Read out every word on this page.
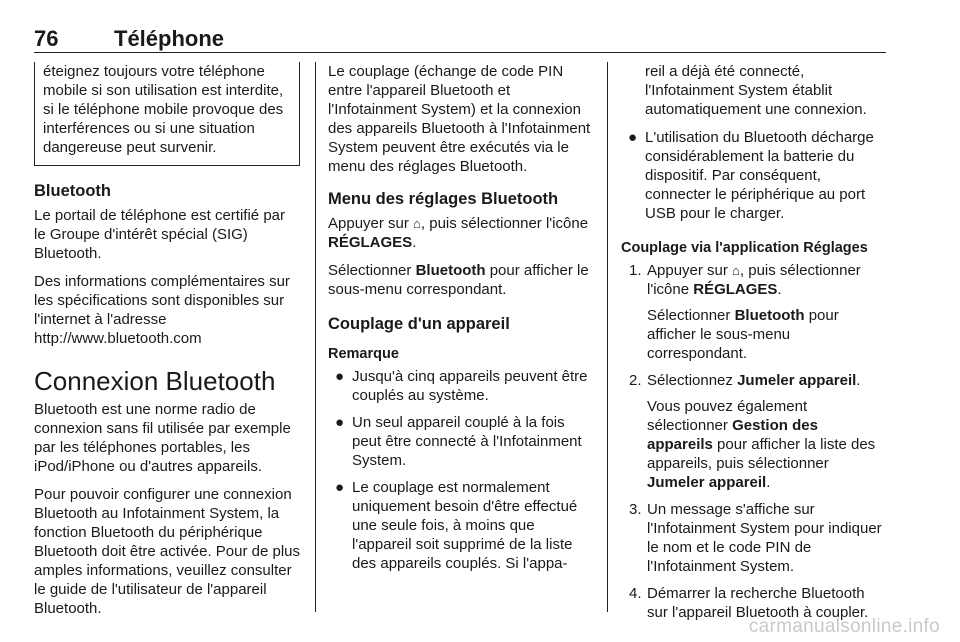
76	Téléphone

éteignez toujours votre téléphone mobile si son utilisation est interdite, si le téléphone mobile provoque des interférences ou si une situation dangereuse peut survenir.

Bluetooth

Le portail de téléphone est certifié par le Groupe d'intérêt spécial (SIG) Bluetooth.

Des informations complémentaires sur les spécifications sont disponibles sur l'internet à l'adresse

http://www.bluetooth.com

Connexion Bluetooth

Bluetooth est une norme radio de connexion sans fil utilisée par exemple par les téléphones portables, les iPod/iPhone ou d'autres appareils.

Pour pouvoir configurer une connexion Bluetooth au Infotainment System, la fonction Bluetooth du périphérique Bluetooth doit être activée. Pour de plus amples informations, veuillez consulter le guide de l'utilisateur de l'appareil Bluetooth.

Le couplage (échange de code PIN entre l'appareil Bluetooth et l'Infotainment System) et la connexion des appareils Bluetooth à l'Infotainment System peuvent être exécutés via le menu des réglages Bluetooth.

Menu des réglages Bluetooth

Appuyer sur ⌂, puis sélectionner l'icône RÉGLAGES.

Sélectionner Bluetooth pour afficher le sous-menu correspondant.

Couplage d'un appareil
Remarque
● Jusqu'à cinq appareils peuvent être couplés au système.
● Un seul appareil couplé à la fois peut être connecté à l'Infotainment System.
● Le couplage est normalement uniquement besoin d'être effectué une seule fois, à moins que l'appareil soit supprimé de la liste des appareils couplés. Si l'appa-

reil a déjà été connecté, l'Infotainment System établit automatiquement une connexion.

● L'utilisation du Bluetooth décharge considérablement la batterie du dispositif. Par conséquent, connecter le périphérique au port USB pour le charger.
Couplage via l'application Réglages
1. Appuyer sur ⌂, puis sélectionner l'icône RÉGLAGES.

Sélectionner Bluetooth pour afficher le sous-menu correspondant.

2. Sélectionnez Jumeler appareil.

Vous pouvez également sélectionner Gestion des appareils pour afficher la liste des appareils, puis sélectionner Jumeler appareil.

3. Un message s'affiche sur l'Infotainment System pour indiquer le nom et le code PIN de l'Infotainment System.

4. Démarrer la recherche Bluetooth sur l'appareil Bluetooth à coupler.

carmanualsonline.info
